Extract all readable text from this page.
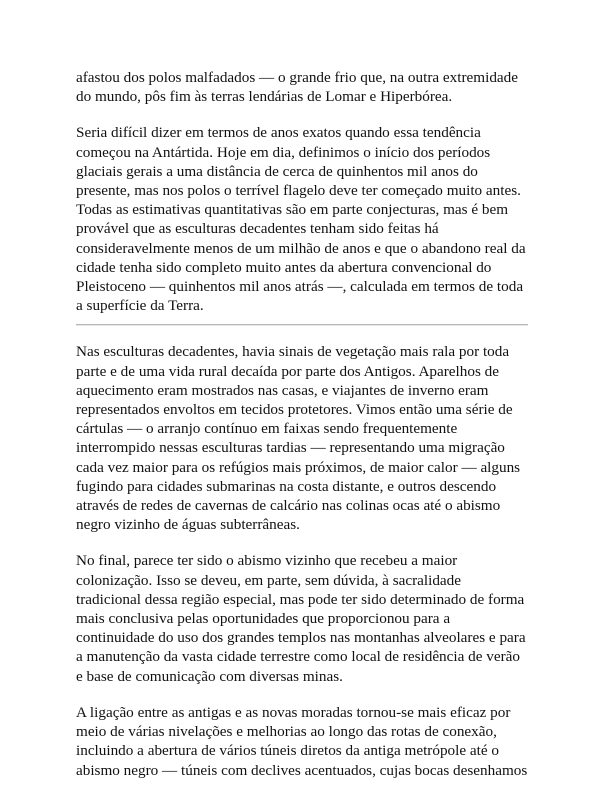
afastou dos polos malfadados — o grande frio que, na outra extremidade do mundo, pôs fim às terras lendárias de Lomar e Hiperbórea.

Seria difícil dizer em termos de anos exatos quando essa tendência começou na Antártida. Hoje em dia, definimos o início dos períodos glaciais gerais a uma distância de cerca de quinhentos mil anos do presente, mas nos polos o terrível flagelo deve ter começado muito antes. Todas as estimativas quantitativas são em parte conjecturas, mas é bem provável que as esculturas decadentes tenham sido feitas há consideravelmente menos de um milhão de anos e que o abandono real da cidade tenha sido completo muito antes da abertura convencional do Pleistoceno — quinhentos mil anos atrás —, calculada em termos de toda a superfície da Terra.

Nas esculturas decadentes, havia sinais de vegetação mais rala por toda parte e de uma vida rural decaída por parte dos Antigos. Aparelhos de aquecimento eram mostrados nas casas, e viajantes de inverno eram representados envoltos em tecidos protetores. Vimos então uma série de cártulas — o arranjo contínuo em faixas sendo frequentemente interrompido nessas esculturas tardias — representando uma migração cada vez maior para os refúgios mais próximos, de maior calor — alguns fugindo para cidades submarinas na costa distante, e outros descendo através de redes de cavernas de calcário nas colinas ocas até o abismo negro vizinho de águas subterrâneas.

No final, parece ter sido o abismo vizinho que recebeu a maior colonização. Isso se deveu, em parte, sem dúvida, à sacralidade tradicional dessa região especial, mas pode ter sido determinado de forma mais conclusiva pelas oportunidades que proporcionou para a continuidade do uso dos grandes templos nas montanhas alveolares e para a manutenção da vasta cidade terrestre como local de residência de verão e base de comunicação com diversas minas.

A ligação entre as antigas e as novas moradas tornou-se mais eficaz por meio de várias nivelações e melhorias ao longo das rotas de conexão, incluindo a abertura de vários túneis diretos da antiga metrópole até o abismo negro — túneis com declives acentuados, cujas bocas desenhamos
